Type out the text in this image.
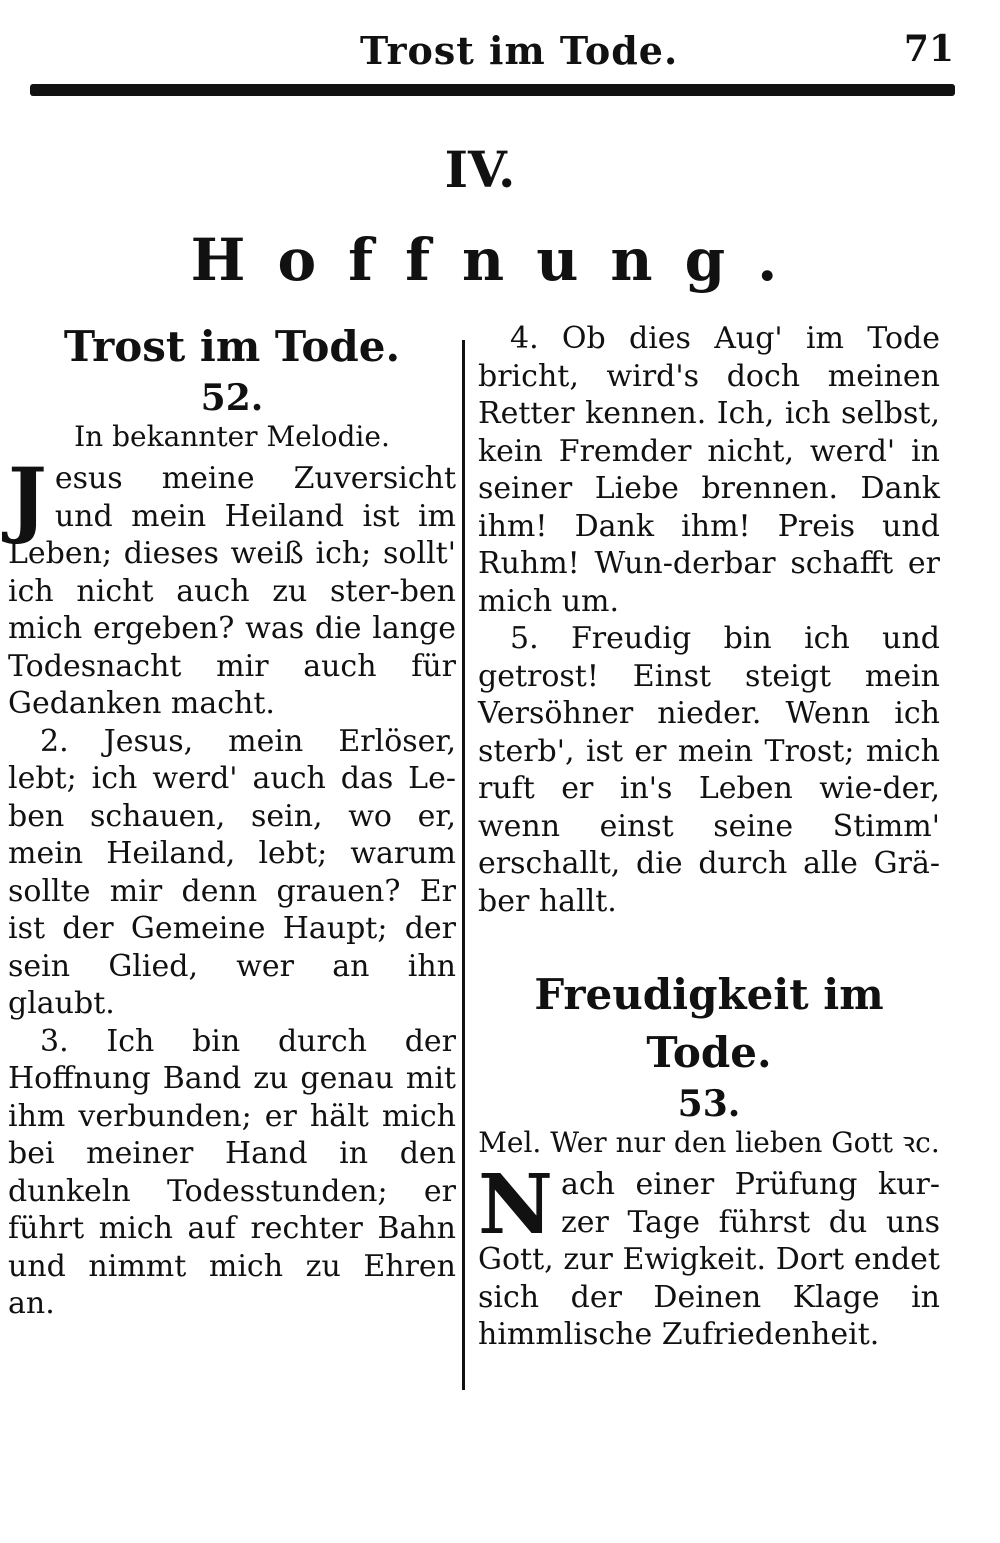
Trost im Tode.	71
IV.
Hoffnung.

Trost im Tode.

52.

In bekannter Melodie.

Jesus meine Zuversicht und mein Heiland ist im Leben; dieses weiß ich; sollt' ich nicht auch zu ster-ben mich ergeben? was die lange Todesnacht mir auch für Gedanken macht.

2. Jesus, mein Erlöser, lebt; ich werd' auch das Le-ben schauen, sein, wo er, mein Heiland, lebt; warum sollte mir denn grauen? Er ist der Gemeine Haupt; der sein Glied, wer an ihn glaubt.

3. Ich bin durch der Hoffnung Band zu genau mit ihm verbunden; er hält mich bei meiner Hand in den dunkeln Todesstunden; er führt mich auf rechter Bahn und nimmt mich zu Ehren an.

4. Ob dies Aug' im Tode bricht, wird's doch meinen Retter kennen. Ich, ich selbst, kein Fremder nicht, werd' in seiner Liebe brennen. Dank ihm! Dank ihm! Preis und Ruhm! Wun-derbar schafft er mich um.

5. Freudig bin ich und getrost! Einst steigt mein Versöhner nieder. Wenn ich sterb', ist er mein Trost; mich ruft er in's Leben wie-der, wenn einst seine Stimm' erschallt, die durch alle Grä-ber hallt.

Freudigkeit im Tode.

53.

Mel. Wer nur den lieben Gott ꝛc.

Nach einer Prüfung kur-zer Tage führst du uns Gott, zur Ewigkeit. Dort endet sich der Deinen Klage in himmlische Zufriedenheit.
